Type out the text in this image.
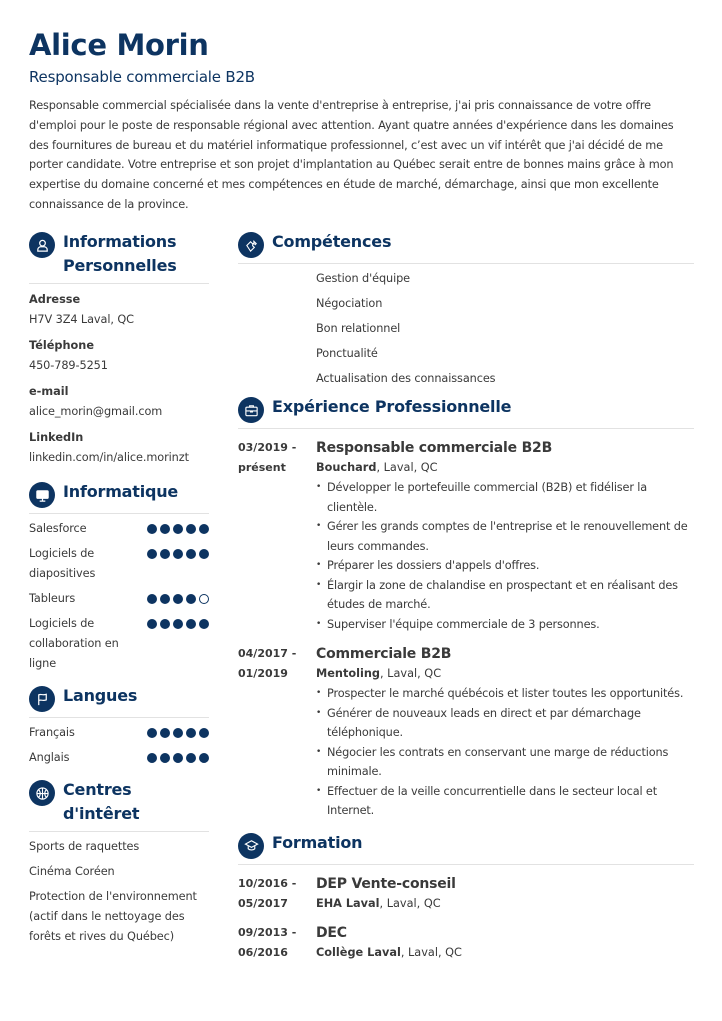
Alice Morin
Responsable commerciale B2B

Responsable commercial spécialisée dans la vente d'entreprise à entreprise, j'ai pris connaissance de votre offre d'emploi pour le poste de responsable régional avec attention. Ayant quatre années d'expérience dans les domaines des fournitures de bureau et du matériel informatique professionnel, c’est avec un vif intérêt que j'ai décidé de me porter candidate. Votre entreprise et son projet d'implantation au Québec serait entre de bonnes mains grâce à mon expertise du domaine concerné et mes compétences en étude de marché, démarchage, ainsi que mon excellente connaissance de la province.

Informations Personnelles
Adresse
H7V 3Z4 Laval, QC
Téléphone
450-789-5251
e-mail
alice_morin@gmail.com
LinkedIn
linkedin.com/in/alice.morinzt
Informatique
Salesforce
Logiciels de diapositives
Tableurs
Logiciels de collaboration en ligne
Langues
Français
Anglais
Centres d'intêret
Sports de raquettes
Cinéma Coréen
Protection de l'environnement (actif dans le nettoyage des forêts et rives du Québec)
Compétences
Gestion d'équipe
Négociation
Bon relationnel
Ponctualité
Actualisation des connaissances
Expérience Professionnelle
03/2019 -
présent
Responsable commerciale B2B
Bouchard, Laval, QC
• Développer le portefeuille commercial (B2B) et fidéliser la clientèle.
• Gérer les grands comptes de l'entreprise et le renouvellement de leurs commandes.
• Préparer les dossiers d'appels d'offres.
• Élargir la zone de chalandise en prospectant et en réalisant des études de marché.
• Superviser l'équipe commerciale de 3 personnes.
04/2017 -
01/2019
Commerciale B2B
Mentoling, Laval, QC
• Prospecter le marché québécois et lister toutes les opportunités.
• Générer de nouveaux leads en direct et par démarchage téléphonique.
• Négocier les contrats en conservant une marge de réductions minimale.
• Effectuer de la veille concurrentielle dans le secteur local et Internet.
Formation
10/2016 -
05/2017
DEP Vente-conseil
EHA Laval, Laval, QC
09/2013 -
06/2016
DEC
Collège Laval, Laval, QC
